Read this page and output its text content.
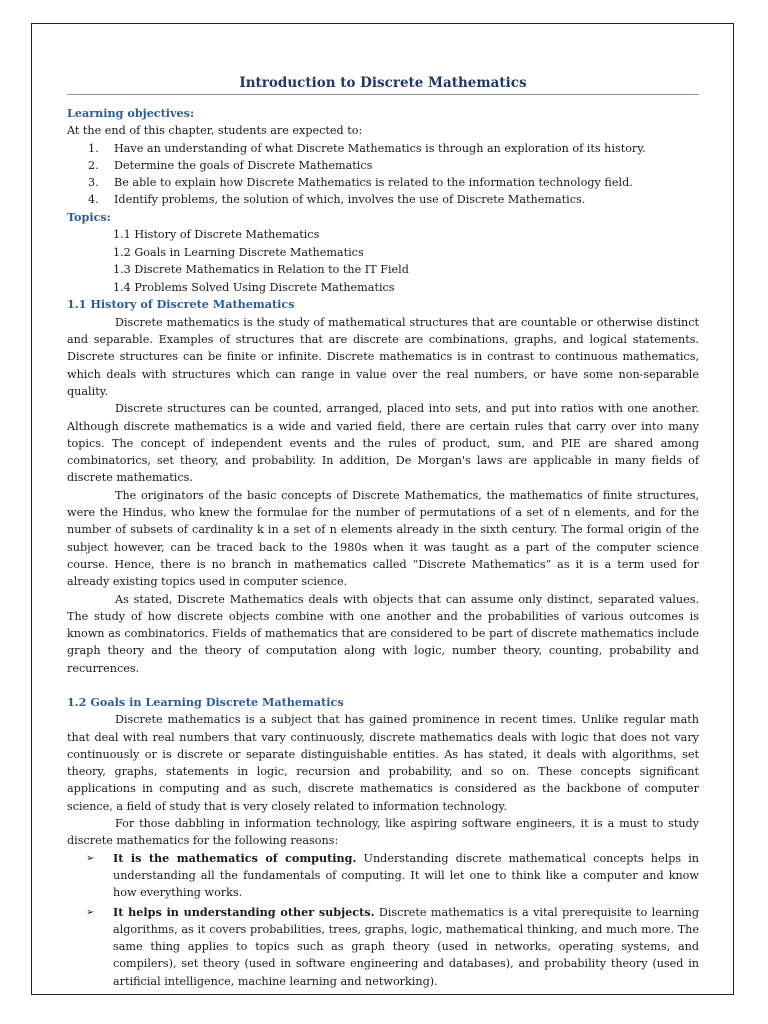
Introduction to Discrete Mathematics
Learning objectives:
At the end of this chapter, students are expected to:
1.	Have an understanding of what Discrete Mathematics is through an exploration of its history.
2.	Determine the goals of Discrete Mathematics
3.	Be able to explain how Discrete Mathematics is related to the information technology field.
4.	Identify problems, the solution of which, involves the use of Discrete Mathematics.
Topics:
1.1 History of Discrete Mathematics
1.2 Goals in Learning Discrete Mathematics
1.3 Discrete Mathematics in Relation to the IT Field
1.4 Problems Solved Using Discrete Mathematics
1.1 History of Discrete Mathematics

Discrete mathematics is the study of mathematical structures that are countable or otherwise distinct and separable. Examples of structures that are discrete are combinations, graphs, and logical statements. Discrete structures can be finite or infinite. Discrete mathematics is in contrast to continuous mathematics, which deals with structures which can range in value over the real numbers, or have some non-separable quality.

Discrete structures can be counted, arranged, placed into sets, and put into ratios with one another. Although discrete mathematics is a wide and varied field, there are certain rules that carry over into many topics. The concept of independent events and the rules of product, sum, and PIE are shared among combinatorics, set theory, and probability. In addition, De Morgan's laws are applicable in many fields of discrete mathematics.

The originators of the basic concepts of Discrete Mathematics, the mathematics of finite structures, were the Hindus, who knew the formulae for the number of permutations of a set of n elements, and for the number of subsets of cardinality k in a set of n elements already in the sixth century. The formal origin of the subject however, can be traced back to the 1980s when it was taught as a part of the computer science course. Hence, there is no branch in mathematics called “Discrete Mathematics” as it is a term used for already existing topics used in computer science.

As stated, Discrete Mathematics deals with objects that can assume only distinct, separated values. The study of how discrete objects combine with one another and the probabilities of various outcomes is known as combinatorics. Fields of mathematics that are considered to be part of discrete mathematics include graph theory and the theory of computation along with logic, number theory, counting, probability and recurrences.

1.2 Goals in Learning Discrete Mathematics

Discrete mathematics is a subject that has gained prominence in recent times. Unlike regular math that deal with real numbers that vary continuously, discrete mathematics deals with logic that does not vary continuously or is discrete or separate distinguishable entities. As has stated, it deals with algorithms, set theory, graphs, statements in logic, recursion and probability, and so on. These concepts significant applications in computing and as such, discrete mathematics is considered as the backbone of computer science, a field of study that is very closely related to information technology.

For those dabbling in information technology, like aspiring software engineers, it is a must to study discrete mathematics for the following reasons:

➢ It is the mathematics of computing. Understanding discrete mathematical concepts helps in understanding all the fundamentals of computing. It will let one to think like a computer and know how everything works.
➢ It helps in understanding other subjects. Discrete mathematics is a vital prerequisite to learning algorithms, as it covers probabilities, trees, graphs, logic, mathematical thinking, and much more. The same thing applies to topics such as graph theory (used in networks, operating systems, and compilers), set theory (used in software engineering and databases), and probability theory (used in artificial intelligence, machine learning and networking).
